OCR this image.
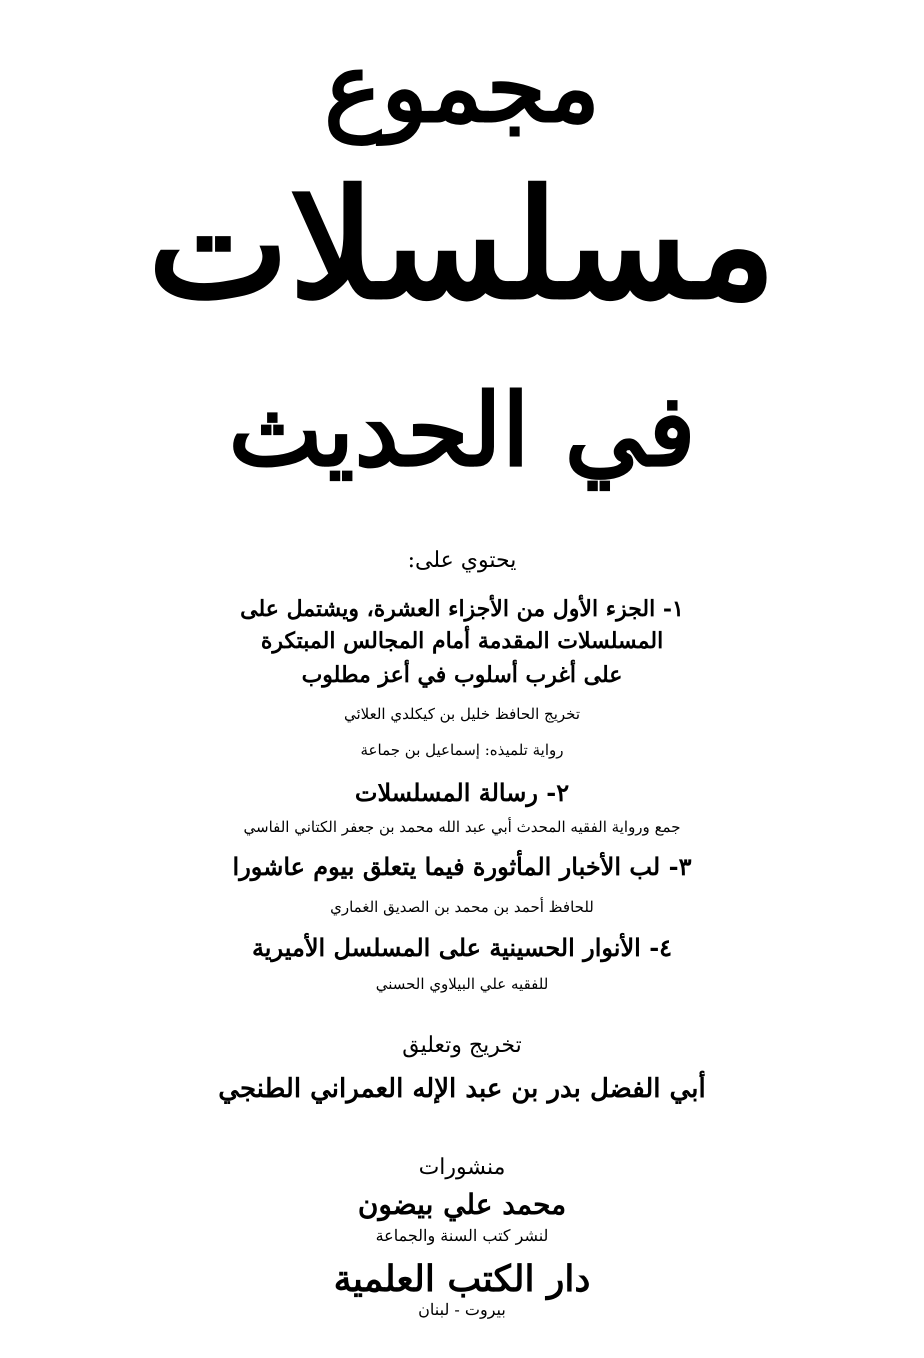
مجموع
مسلسلات
في الحديث
يحتوي على:
١- الجزء الأول من الأجزاء العشرة، ويشتمل على
المسلسلات المقدمة أمام المجالس المبتكرة
على أغرب أسلوب في أعز مطلوب
تخريج الحافظ خليل بن كيكلدي العلائي
رواية تلميذه: إسماعيل بن جماعة
٢- رسالة المسلسلات
جمع ورواية الفقيه المحدث أبي عبد الله محمد بن جعفر الكتاني الفاسي
٣- لب الأخبار المأثورة فيما يتعلق بيوم عاشورا
للحافظ أحمد بن محمد بن الصديق الغماري
٤- الأنوار الحسينية على المسلسل الأميرية
للفقيه علي البيلاوي الحسني
تخريج وتعليق
أبي الفضل بدر بن عبد الإله العمراني الطنجي
منشورات
محمد علي بيضون
لنشر كتب السنة والجماعة
دار الكتب العلمية
بيروت - لبنان
